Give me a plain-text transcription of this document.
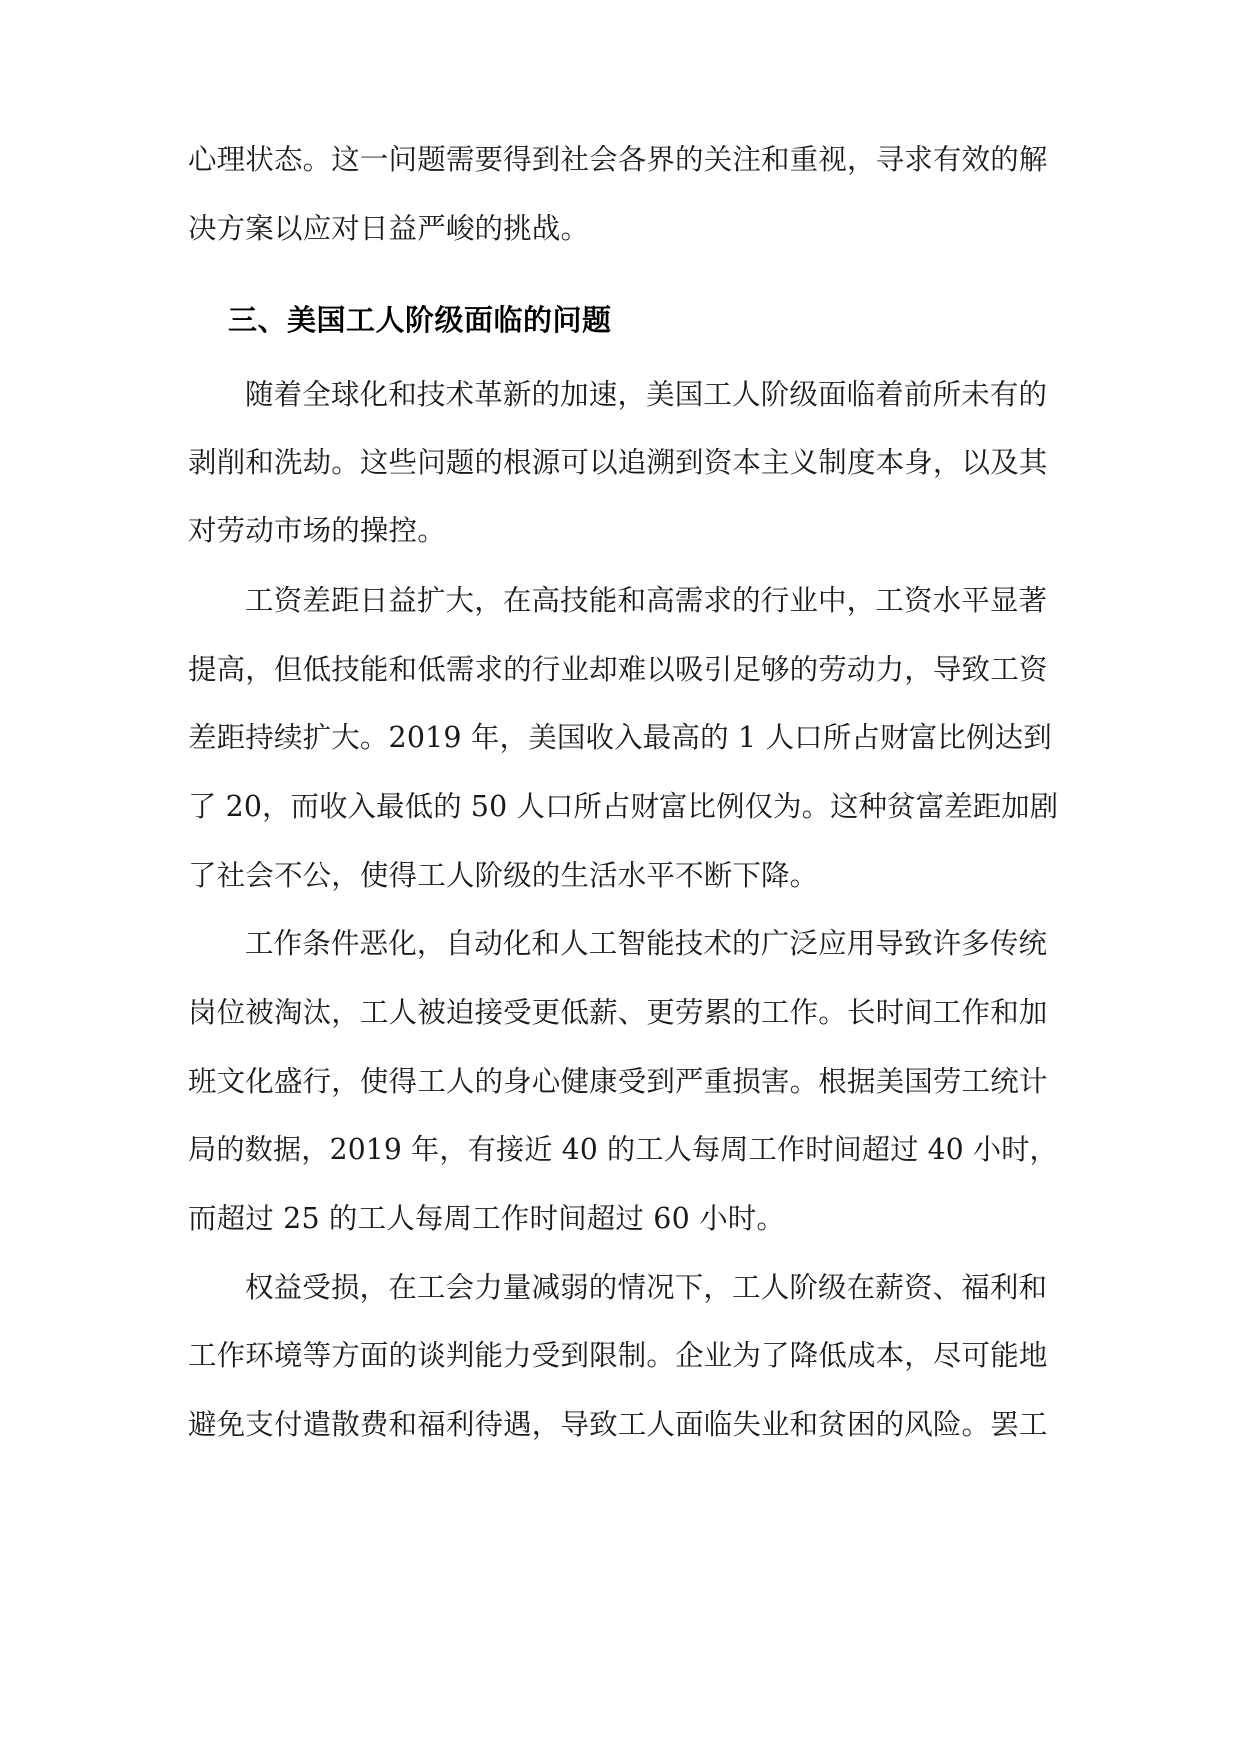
心理状态。这一问题需要得到社会各界的关注和重视，寻求有效的解
决方案以应对日益严峻的挑战。
三、美国工人阶级面临的问题
随着全球化和技术革新的加速，美国工人阶级面临着前所未有的
剥削和洗劫。这些问题的根源可以追溯到资本主义制度本身，以及其
对劳动市场的操控。
工资差距日益扩大，在高技能和高需求的行业中，工资水平显著
提高，但低技能和低需求的行业却难以吸引足够的劳动力，导致工资
差距持续扩大。2019 年，美国收入最高的 1 人口所占财富比例达到
了 20，而收入最低的 50 人口所占财富比例仅为。这种贫富差距加剧
了社会不公，使得工人阶级的生活水平不断下降。
工作条件恶化，自动化和人工智能技术的广泛应用导致许多传统
岗位被淘汰，工人被迫接受更低薪、更劳累的工作。长时间工作和加
班文化盛行，使得工人的身心健康受到严重损害。根据美国劳工统计
局的数据，2019 年，有接近 40 的工人每周工作时间超过 40 小时，
而超过 25 的工人每周工作时间超过 60 小时。
权益受损，在工会力量减弱的情况下，工人阶级在薪资、福利和
工作环境等方面的谈判能力受到限制。企业为了降低成本，尽可能地
避免支付遣散费和福利待遇，导致工人面临失业和贫困的风险。罢工
